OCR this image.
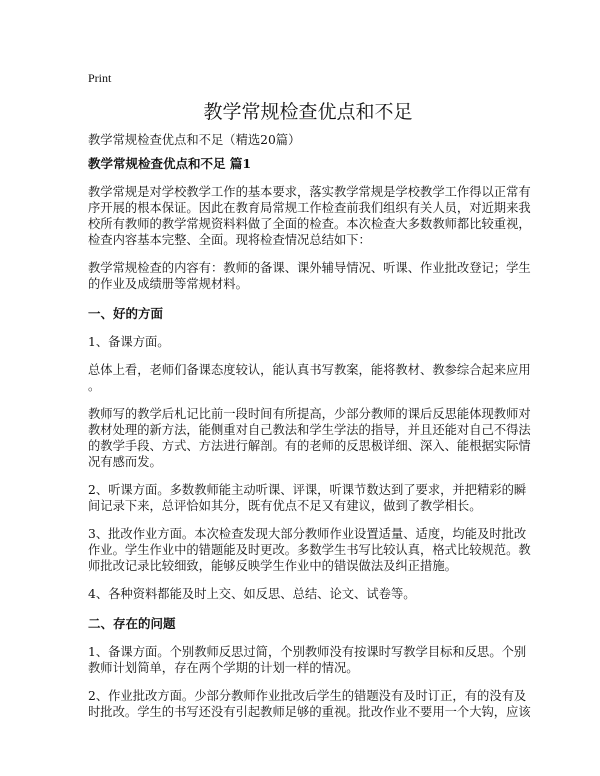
Print
教学常规检查优点和不足
教学常规检查优点和不足（精选20篇）
教学常规检查优点和不足 篇1
教学常规是对学校教学工作的基本要求，落实教学常规是学校教学工作得以正常有
序开展的根本保证。因此在教育局常规工作检查前我们组织有关人员，对近期来我
校所有教师的教学常规资料料做了全面的检查。本次检查大多数教师都比较重视，
检查内容基本完整、全面。现将检查情况总结如下：
教学常规检查的内容有：教师的备课、课外辅导情况、听课、作业批改登记；学生
的作业及成绩册等常规材料。
一、好的方面
1、备课方面。
总体上看，老师们备课态度较认，能认真书写教案，能将教材、教参综合起来应用
。
教师写的教学后札记比前一段时间有所提高，少部分教师的课后反思能体现教师对
教材处理的新方法，能侧重对自己教法和学生学法的指导，并且还能对自己不得法
的教学手段、方式、方法进行解剖。有的老师的反思极详细、深入、能根据实际情
况有感而发。
2、听课方面。多数教师能主动听课、评课，听课节数达到了要求，并把精彩的瞬
间记录下来，总评恰如其分，既有优点不足又有建议，做到了教学相长。
3、批改作业方面。本次检查发现大部分教师作业设置适量、适度，均能及时批改
作业。学生作业中的错题能及时更改。多数学生书写比较认真，格式比较规范。教
师批改记录比较细致，能够反映学生作业中的错误做法及纠正措施。
4、各种资料都能及时上交、如反思、总结、论文、试卷等。
二、存在的问题
1、备课方面。个别教师反思过简，个别教师没有按课时写教学目标和反思。个别
教师计划简单，存在两个学期的计划一样的情况。
2、作业批改方面。少部分教师作业批改后学生的错题没有及时订正，有的没有及
时批改。学生的书写还没有引起教师足够的重视。批改作业不要用一个大钩，应该
